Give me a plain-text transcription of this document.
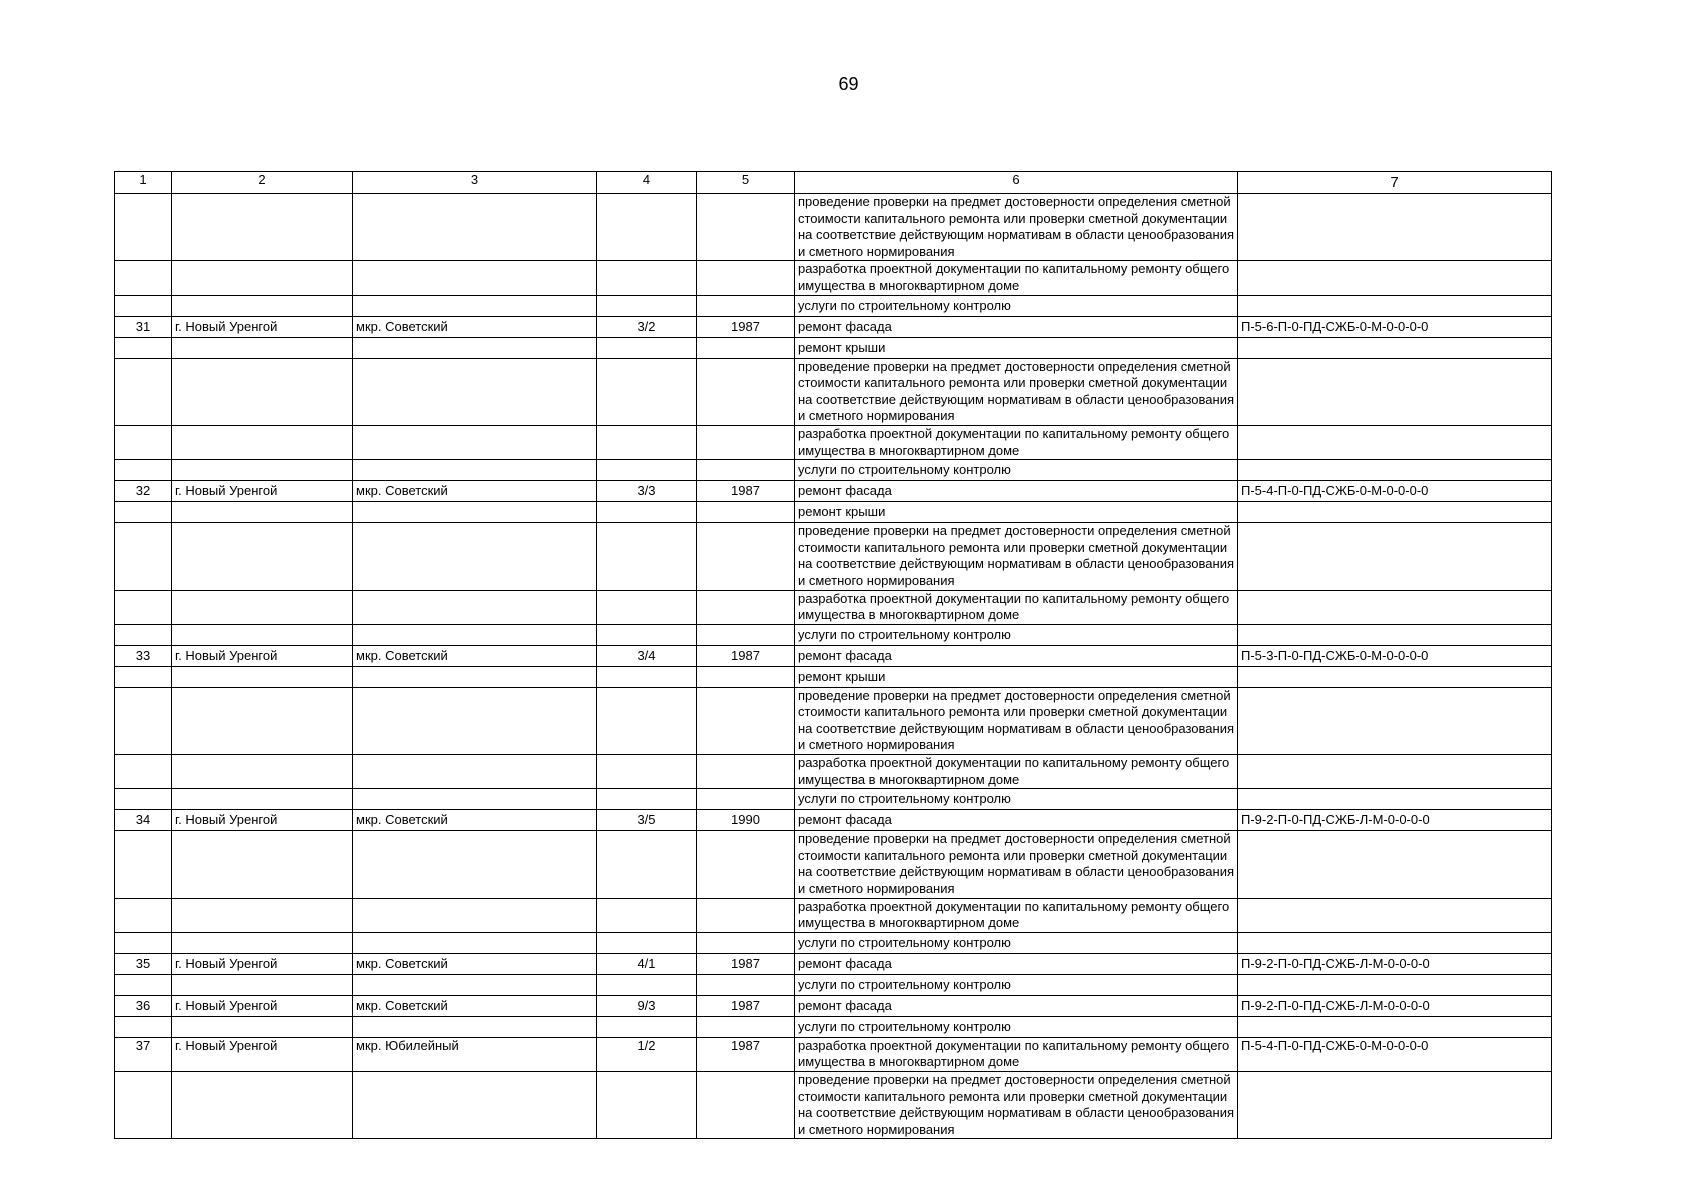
69
1	2	3	4	5	6	7
					проведение проверки на предмет достоверности определения сметной стоимости капитального ремонта или проверки сметной документации на соответствие действующим нормативам в области ценообразования и сметного нормирования	
					разработка проектной документации по капитальному ремонту общего имущества в многоквартирном доме	
					услуги по строительному контролю	
31	г. Новый Уренгой	мкр. Советский	3/2	1987	ремонт фасада	П-5-6-П-0-ПД-СЖБ-0-М-0-0-0-0
					ремонт крыши	
					проведение проверки на предмет достоверности определения сметной стоимости капитального ремонта или проверки сметной документации на соответствие действующим нормативам в области ценообразования и сметного нормирования	
					разработка проектной документации по капитальному ремонту общего имущества в многоквартирном доме	
					услуги по строительному контролю	
32	г. Новый Уренгой	мкр. Советский	3/3	1987	ремонт фасада	П-5-4-П-0-ПД-СЖБ-0-М-0-0-0-0
					ремонт крыши	
					проведение проверки на предмет достоверности определения сметной стоимости капитального ремонта или проверки сметной документации на соответствие действующим нормативам в области ценообразования и сметного нормирования	
					разработка проектной документации по капитальному ремонту общего имущества в многоквартирном доме	
					услуги по строительному контролю	
33	г. Новый Уренгой	мкр. Советский	3/4	1987	ремонт фасада	П-5-3-П-0-ПД-СЖБ-0-М-0-0-0-0
					ремонт крыши	
					проведение проверки на предмет достоверности определения сметной стоимости капитального ремонта или проверки сметной документации на соответствие действующим нормативам в области ценообразования и сметного нормирования	
					разработка проектной документации по капитальному ремонту общего имущества в многоквартирном доме	
					услуги по строительному контролю	
34	г. Новый Уренгой	мкр. Советский	3/5	1990	ремонт фасада	П-9-2-П-0-ПД-СЖБ-Л-М-0-0-0-0
					проведение проверки на предмет достоверности определения сметной стоимости капитального ремонта или проверки сметной документации на соответствие действующим нормативам в области ценообразования и сметного нормирования	
					разработка проектной документации по капитальному ремонту общего имущества в многоквартирном доме	
					услуги по строительному контролю	
35	г. Новый Уренгой	мкр. Советский	4/1	1987	ремонт фасада	П-9-2-П-0-ПД-СЖБ-Л-М-0-0-0-0
					услуги по строительному контролю	
36	г. Новый Уренгой	мкр. Советский	9/3	1987	ремонт фасада	П-9-2-П-0-ПД-СЖБ-Л-М-0-0-0-0
					услуги по строительному контролю	
37	г. Новый Уренгой	мкр. Юбилейный	1/2	1987	разработка проектной документации по капитальному ремонту общего имущества в многоквартирном доме	П-5-4-П-0-ПД-СЖБ-0-М-0-0-0-0
					проведение проверки на предмет достоверности определения сметной стоимости капитального ремонта или проверки сметной документации на соответствие действующим нормативам в области ценообразования и сметного нормирования	
